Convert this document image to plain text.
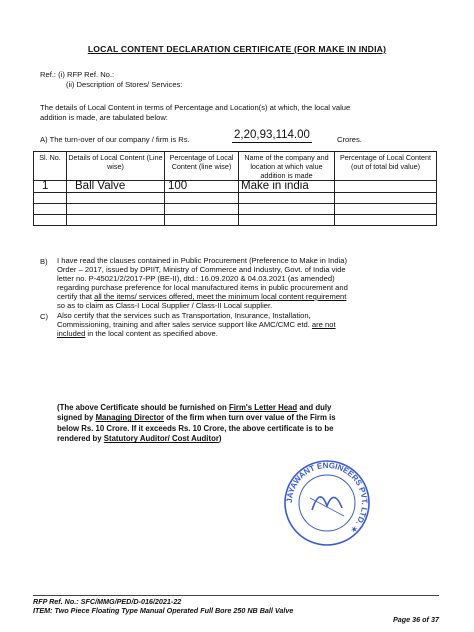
LOCAL CONTENT DECLARATION CERTIFICATE (FOR MAKE IN INDIA)
Ref.: (i) RFP Ref. No.:
(ii) Description of Stores/ Services:
The details of Local Content in terms of Percentage and Location(s) at which, the local value
addition is made, are tabulated below:
A) The turn-over of our company / firm is Rs.	2,20,93,114.00	Crores.
Sl. No.	Details of Local Content (Line wise)	Percentage of Local Content (line wise)	Name of the company and location at which value addition is made	Percentage of Local Content (out of total bid value)
1	Ball Valve	100	Make in india	

B) I have read the clauses contained in Public Procurement (Preference to Make in India)
Order – 2017, issued by DPIIT, Ministry of Commerce and Industry, Govt. of India vide
letter no. P-45021/2/2017-PP (BE-II), dtd.: 16.09.2020 & 04.03.2021 (as amended)
regarding purchase preference for local manufactured items in public procurement and
certify that all the items/ services offered, meet the minimum local content requirement
so as to claim as Class-I Local Supplier / Class-II Local supplier.
C) Also certify that the services such as Transportation, Insurance, Installation,
Commissioning, training and after sales service support like AMC/CMC etd. are not
included in the local content as specified above.
(The above Certificate should be furnished on Firm's Letter Head and duly
signed by Managing Director of the firm when turn over value of the Firm is
below Rs. 10 Crore. If it exceeds Rs. 10 Crore, the above certificate is to be
rendered by Statutory Auditor/ Cost Auditor)
JAYAWANT ENGINEERS PVT. LTD. ✶
RFP Ref. No.: SFC/MMG/PED/D-016/2021-22
ITEM: Two Piece Floating Type Manual Operated Full Bore 250 NB Ball Valve
Page 36 of 37
